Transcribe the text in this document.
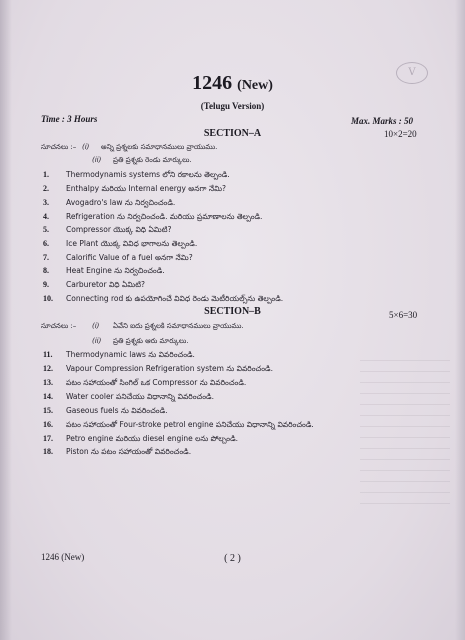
V
1246 (New)
(Telugu Version)
Time : 3 Hours	Max. Marks : 50
SECTION–A	10×2=20
సూచనలు :– (i) అన్ని ప్రశ్నలకు సమాధానములు వ్రాయుము.
(ii) ప్రతి ప్రశ్నకు రెండు మార్కులు.
1.	Thermodynamis systems లోని రకాలను తెల్పండి.
2.	Enthalpy మరియు Internal energy అనగా నేమి?
3.	Avogadro's law ను నిర్వచించండి.
4.	Refrigeration ను నిర్వచించండి. మరియు ప్రమాణాలను తెల్పండి.
5.	Compressor యొక్క విధి ఏమిటి?
6.	Ice Plant యొక్క వివిధ భాగాలను తెల్పండి.
7.	Calorific Value of a fuel అనగా నేమి?
8.	Heat Engine ను నిర్వచించండి.
9.	Carburetor విధి ఏమిటి?
10.	Connecting rod కు ఉపయోగించే వివిధ రెండు మెటీరియల్స్‌ను తెల్పండి.
SECTION–B	5×6=30
సూచనలు :– (i) ఏవేని ఐదు ప్రశ్నలకి సమాధానములు వ్రాయుము.
(ii) ప్రతి ప్రశ్నకు ఆరు మార్కులు.
11.	Thermodynamic laws ను వివరించండి.
12.	Vapour Compression Refrigeration system ను వివరించండి.
13.	పటం సహాయంతో సింగిల్ ఒక Compressor ను వివరించండి.
14.	Water cooler పనిచేయు విధానాన్ని వివరించండి.
15.	Gaseous fuels ను వివరించండి.
16.	పటం సహాయంతో Four-stroke petrol engine పనిచేయు విధానాన్ని వివరించండి.
17.	Petro engine మరియు diesel engine లను పోల్చండి.
18.	Piston ను పటం సహాయంతో వివరించండి.
1246 (New)	( 2 )
